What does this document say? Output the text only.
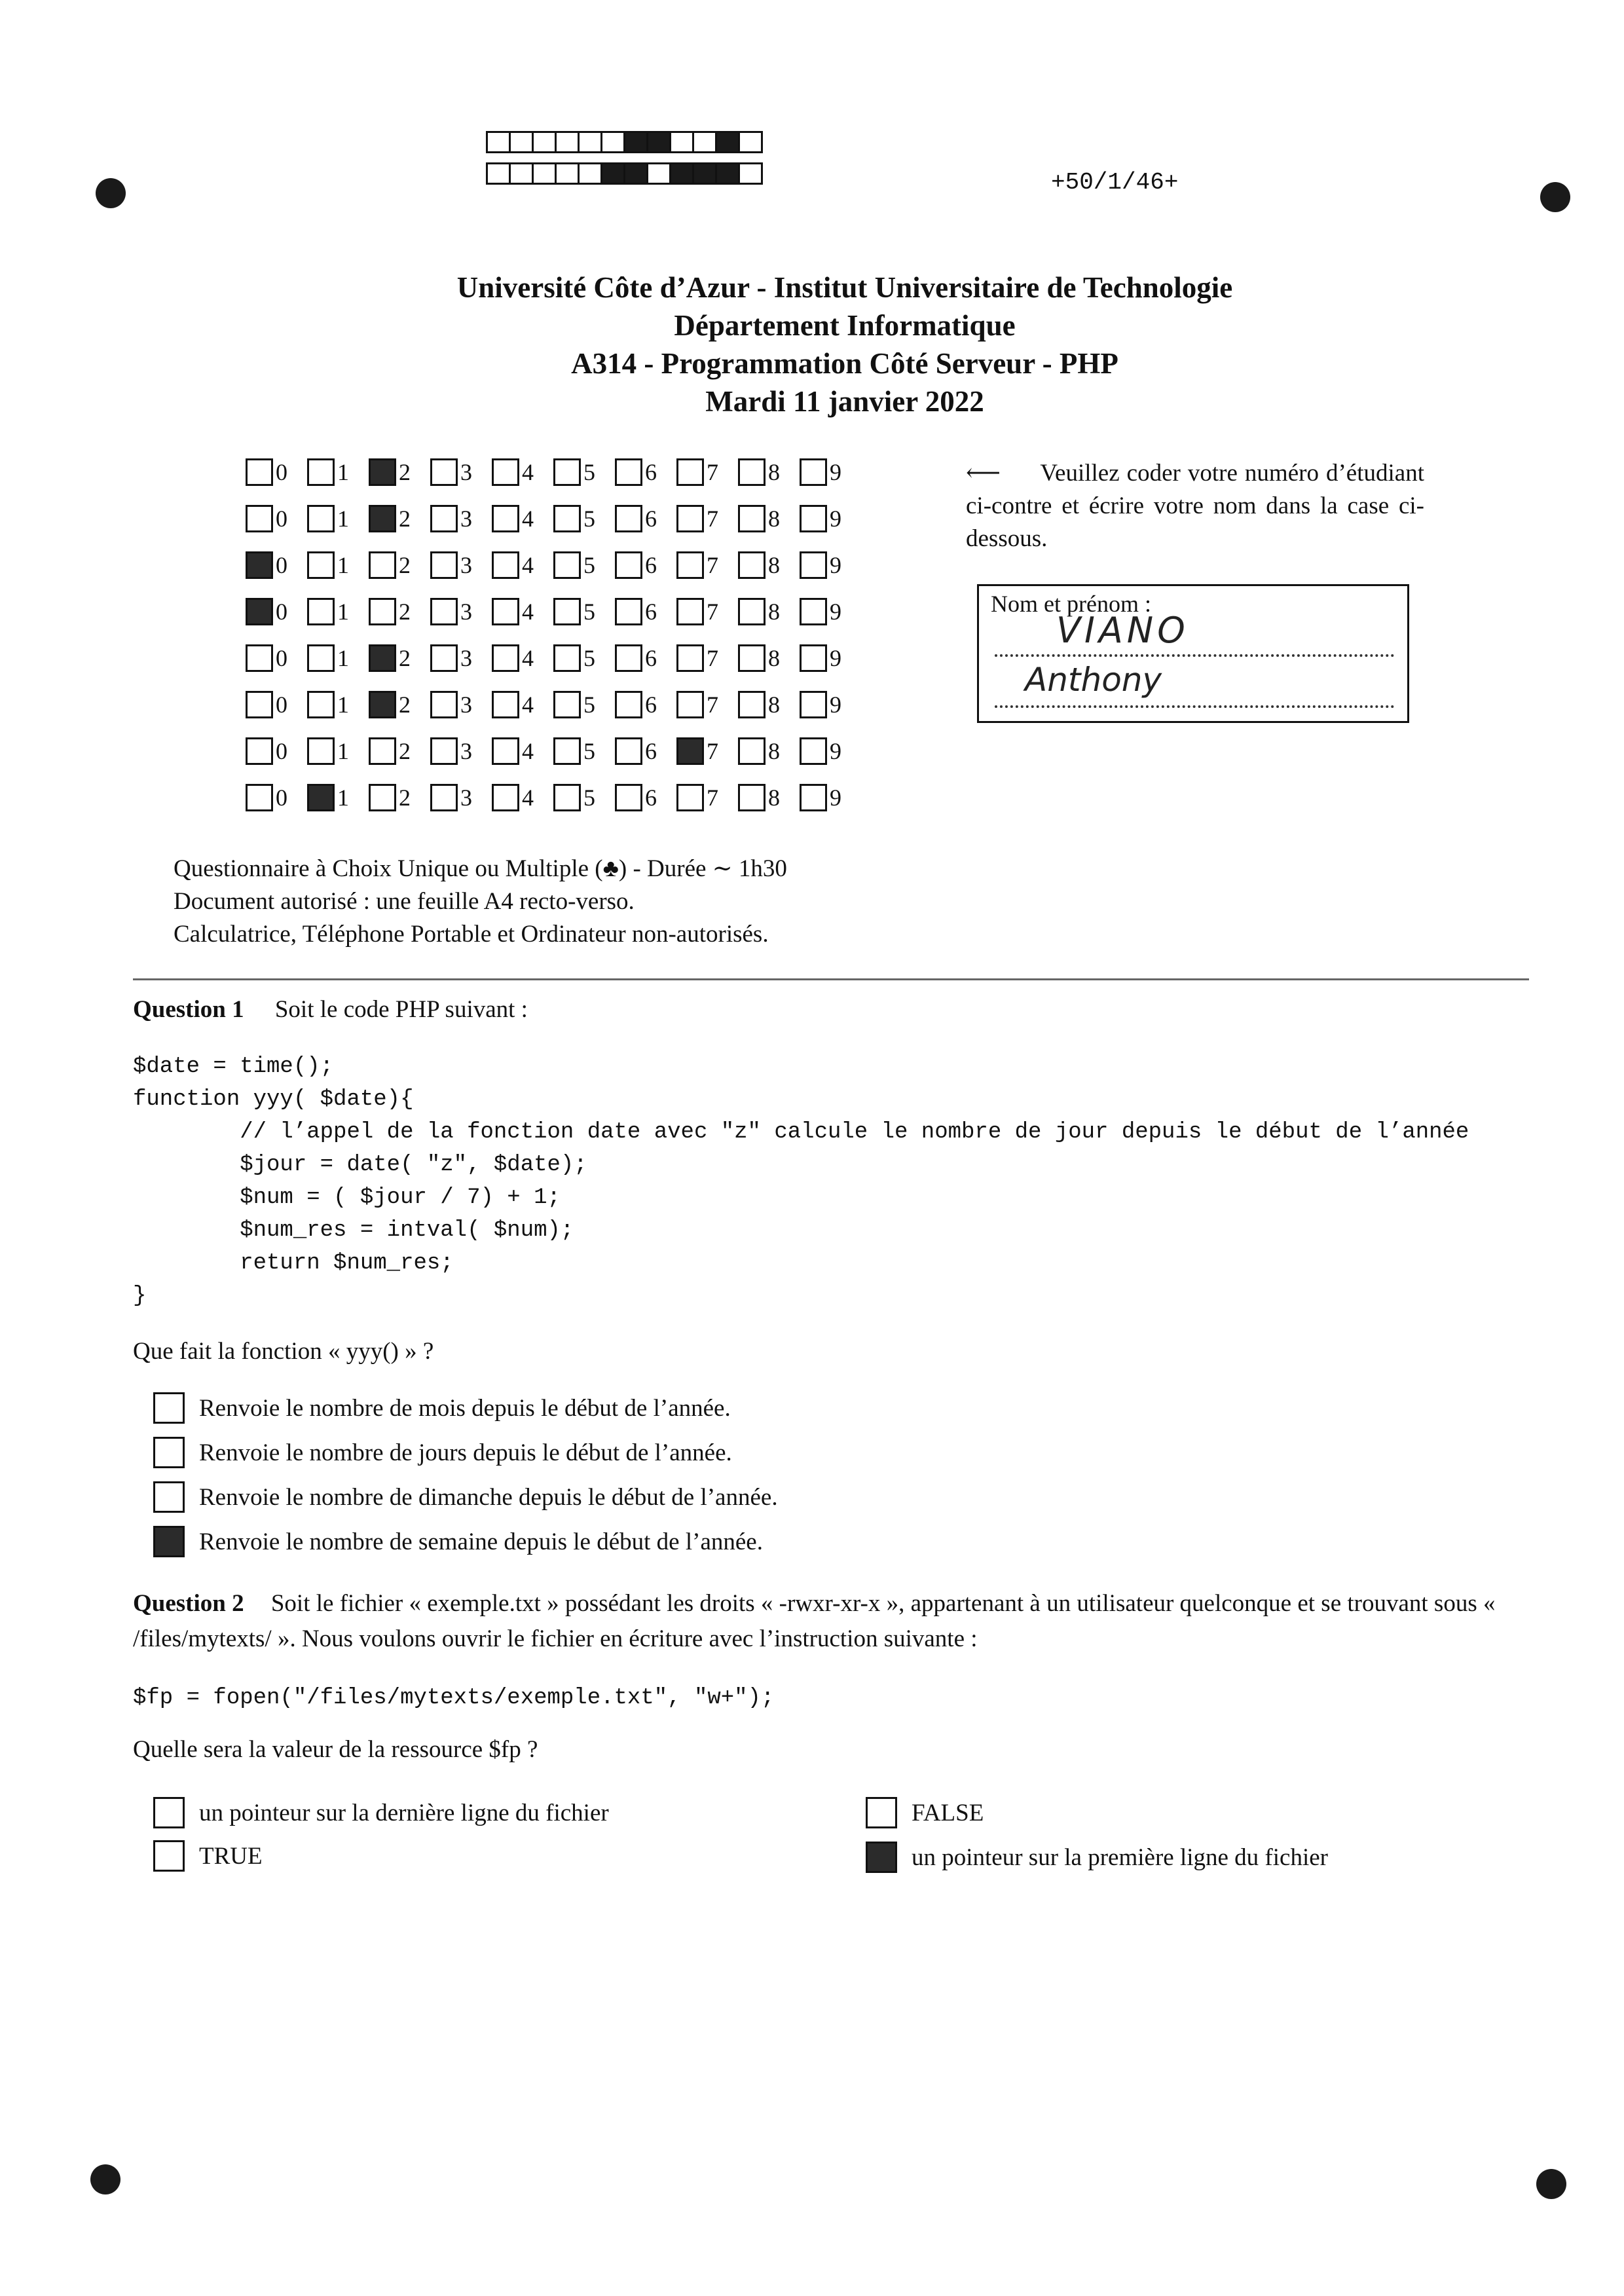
+50/1/46+
Université Côte d’Azur - Institut Universitaire de Technologie
Département Informatique
A314 - Programmation Côté Serveur - PHP
Mardi 11 janvier 2022
0 1 2 3 4 5 6 7 8 9
0 1 2 3 4 5 6 7 8 9
0 1 2 3 4 5 6 7 8 9
0 1 2 3 4 5 6 7 8 9
0 1 2 3 4 5 6 7 8 9
0 1 2 3 4 5 6 7 8 9
0 1 2 3 4 5 6 7 8 9
0 1 2 3 4 5 6 7 8 9
⟵ Veuillez coder votre numéro d’étudiant ci-contre et écrire votre nom dans la case ci-dessous.
Nom et prénom :
VIANO
Anthony
Questionnaire à Choix Unique ou Multiple (♣) - Durée ∼ 1h30
Document autorisé : une feuille A4 recto-verso.
Calculatrice, Téléphone Portable et Ordinateur non-autorisés.
Question 1 Soit le code PHP suivant :
$date = time();
function yyy( $date){
// l’appel de la fonction date avec "z" calcule le nombre de jour depuis le début de l’année
$jour = date( "z", $date);
$num = ( $jour / 7) + 1;
$num_res = intval( $num);
return $num_res;
}
Que fait la fonction « yyy() » ?
Renvoie le nombre de mois depuis le début de l’année.
Renvoie le nombre de jours depuis le début de l’année.
Renvoie le nombre de dimanche depuis le début de l’année.
Renvoie le nombre de semaine depuis le début de l’année.
Question 2 Soit le fichier « exemple.txt » possédant les droits « -rwxr-xr-x », appartenant à un utilisateur quelconque et se trouvant sous « /files/mytexts/ ». Nous voulons ouvrir le fichier en écriture avec l’instruction suivante :
$fp = fopen("/files/mytexts/exemple.txt", "w+");
Quelle sera la valeur de la ressource $fp ?
un pointeur sur la dernière ligne du fichier
TRUE
FALSE
un pointeur sur la première ligne du fichier
